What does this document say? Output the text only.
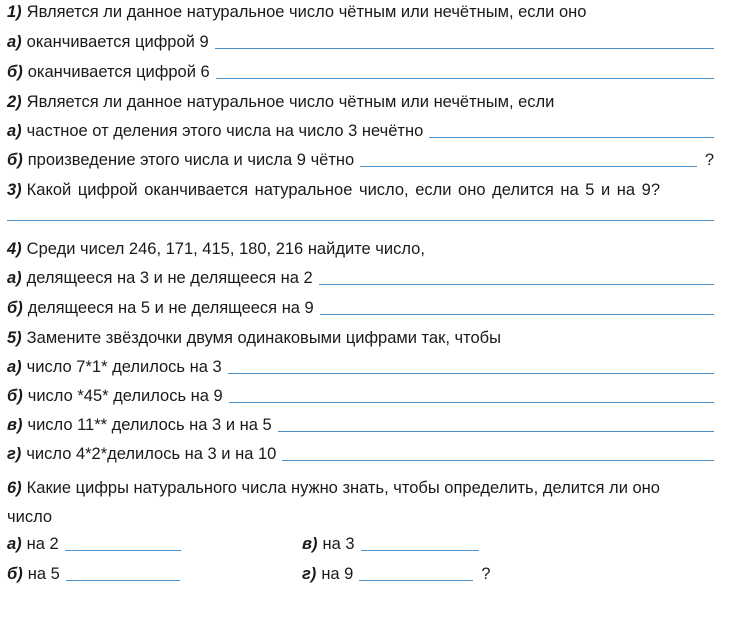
1) Является ли данное натуральное число чётным или нечётным, если оно
а) оканчивается цифрой 9
б) оканчивается цифрой 6
2) Является ли данное натуральное число чётным или нечётным, если
а) частное от деления этого числа на число 3 нечётно
б) произведение этого числа и числа 9 чётно	?
3) Какой цифрой оканчивается натуральное число, если оно делится на 5 и на 9?
4) Среди чисел 246, 171, 415, 180, 216 найдите число,
а) делящееся на 3 и не делящееся на 2
б) делящееся на 5 и не делящееся на 9
5) Замените звёздочки двумя одинаковыми цифрами так, чтобы
а) число 7*1* делилось на 3
б) число *45* делилось на 9
в) число 11** делилось на 3 и на 5
г) число 4*2*делилось на 3 и на 10
6) Какие цифры натурального числа нужно знать, чтобы определить, делится ли оно
число
а) на 2	в) на 3
б) на 5	г) на 9	?
